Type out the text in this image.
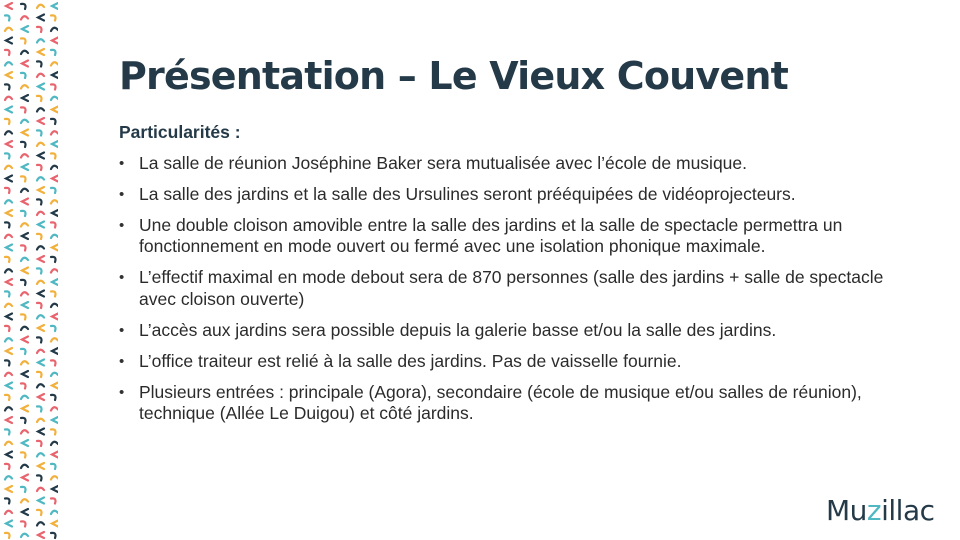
Présentation – Le Vieux Couvent
Particularités :
• La salle de réunion Joséphine Baker sera mutualisée avec l’école de musique.
• La salle des jardins et la salle des Ursulines seront prééquipées de vidéoprojecteurs.
• Une double cloison amovible entre la salle des jardins et la salle de spectacle permettra un fonctionnement en mode ouvert ou fermé avec une isolation phonique maximale.
• L’effectif maximal en mode debout sera de 870 personnes (salle des jardins + salle de spectacle avec cloison ouverte)
• L’accès aux jardins sera possible depuis la galerie basse et/ou la salle des jardins.
• L’office traiteur est relié à la salle des jardins. Pas de vaisselle fournie.
• Plusieurs entrées : principale (Agora), secondaire (école de musique et/ou salles de réunion), technique (Allée Le Duigou) et côté jardins.
Muzillac
